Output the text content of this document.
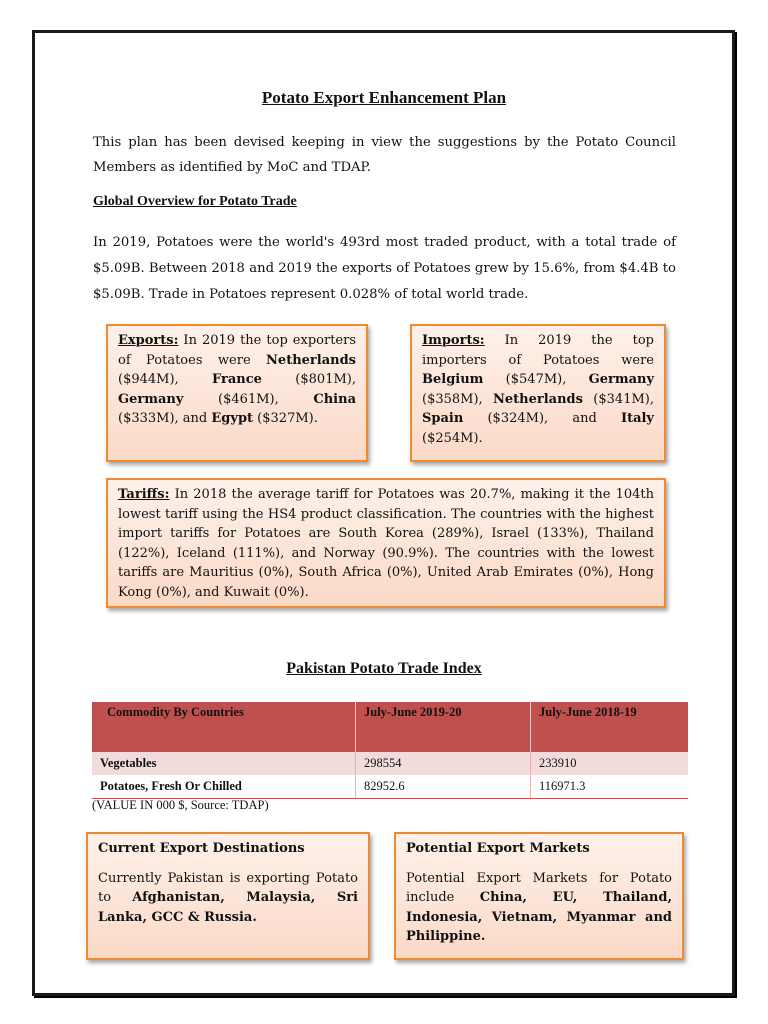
Potato Export Enhancement Plan
This plan has been devised keeping in view the suggestions by the Potato Council Members as identified by MoC and TDAP.
Global Overview for Potato Trade
In 2019, Potatoes were the world's 493rd most traded product, with a total trade of $5.09B. Between 2018 and 2019 the exports of Potatoes grew by 15.6%, from $4.4B to $5.09B. Trade in Potatoes represent 0.028% of total world trade.
Exports: In 2019 the top exporters of Potatoes were Netherlands ($944M), France ($801M), Germany ($461M), China ($333M), and Egypt ($327M).
Imports: In 2019 the top importers of Potatoes were Belgium ($547M), Germany ($358M), Netherlands ($341M), Spain ($324M), and Italy ($254M).
Tariffs: In 2018 the average tariff for Potatoes was 20.7%, making it the 104th lowest tariff using the HS4 product classification. The countries with the highest import tariffs for Potatoes are South Korea (289%), Israel (133%), Thailand (122%), Iceland (111%), and Norway (90.9%). The countries with the lowest tariffs are Mauritius (0%), South Africa (0%), United Arab Emirates (0%), Hong Kong (0%), and Kuwait (0%).
Pakistan Potato Trade Index
Commodity By Countries	July-June 2019-20	July-June 2018-19
Vegetables	298554	233910
Potatoes, Fresh Or Chilled	82952.6	116971.3
(VALUE IN 000 $, Source: TDAP)
Current Export Destinations
Currently Pakistan is exporting Potato to Afghanistan, Malaysia, Sri Lanka, GCC & Russia.
Potential Export Markets
Potential Export Markets for Potato include China, EU, Thailand, Indonesia, Vietnam, Myanmar and Philippine.
